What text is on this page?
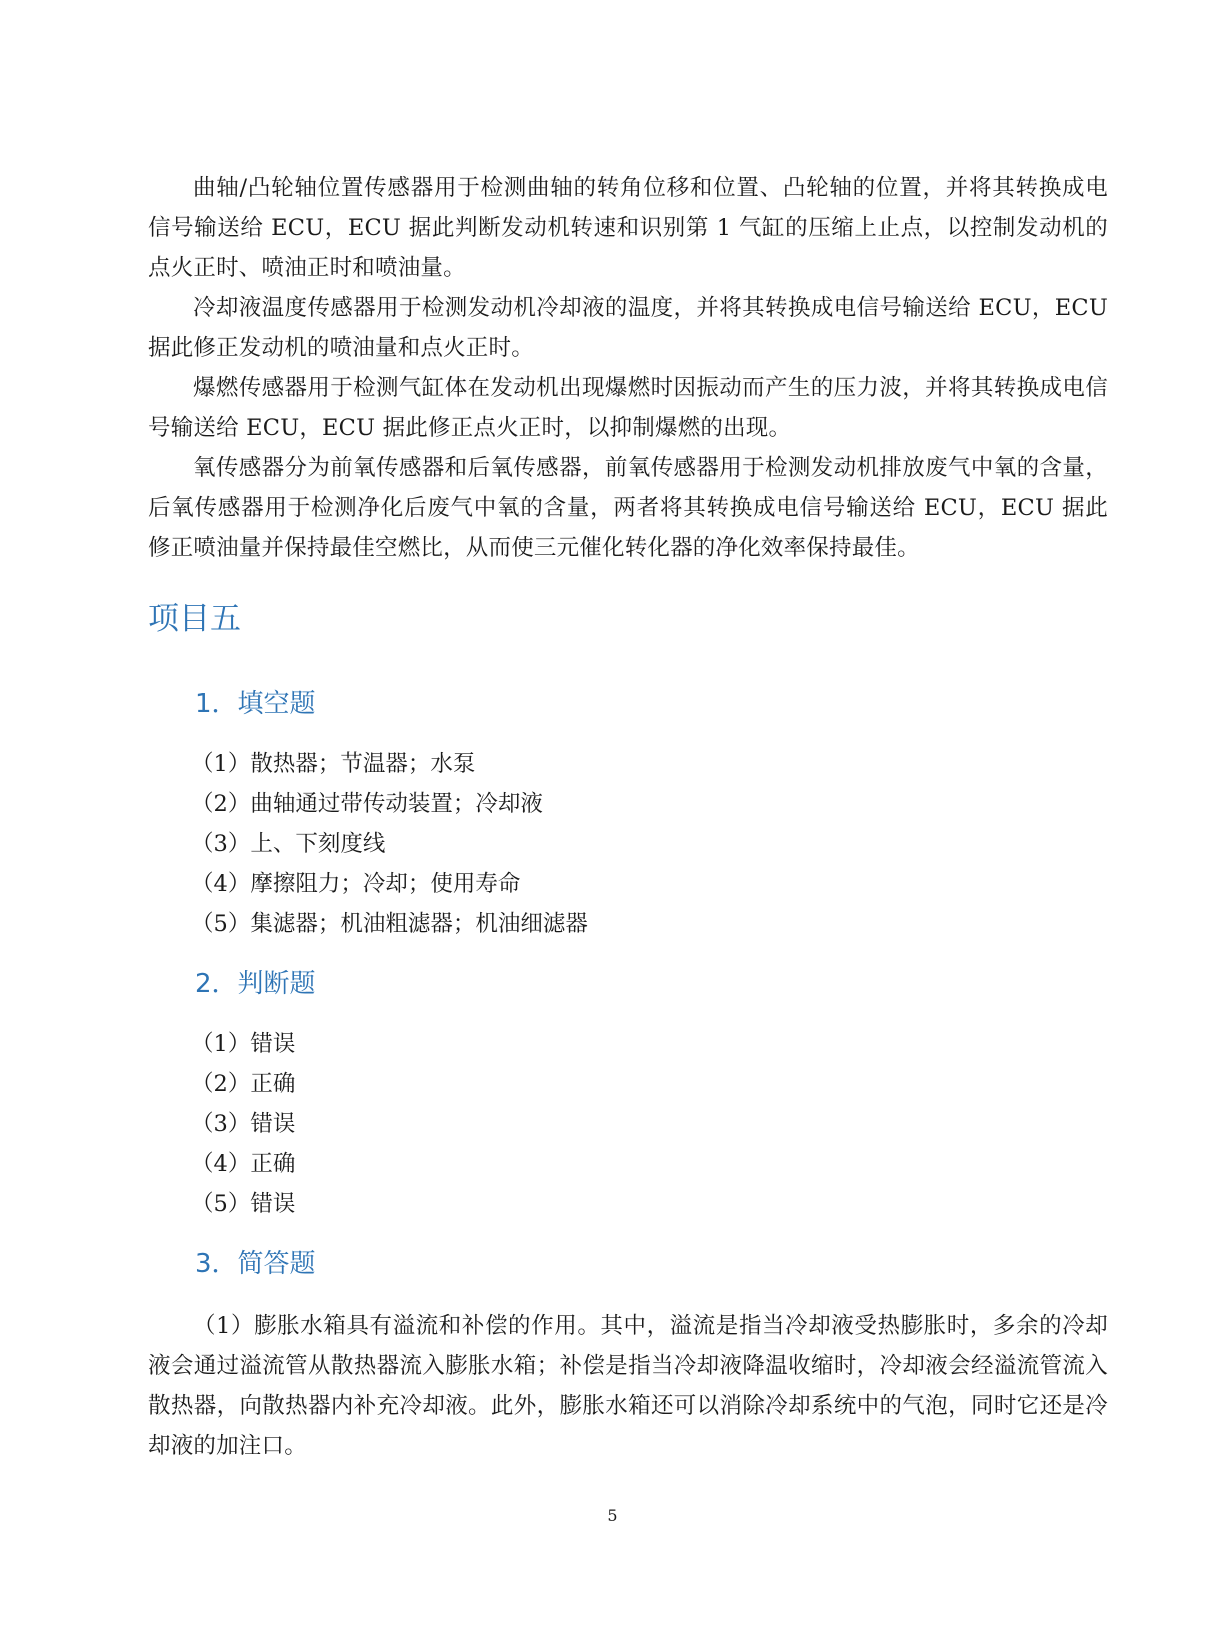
曲轴/凸轮轴位置传感器用于检测曲轴的转角位移和位置、凸轮轴的位置，并将其转换成电信号输送给 ECU，ECU 据此判断发动机转速和识别第 1 气缸的压缩上止点，以控制发动机的点火正时、喷油正时和喷油量。

冷却液温度传感器用于检测发动机冷却液的温度，并将其转换成电信号输送给 ECU，ECU 据此修正发动机的喷油量和点火正时。

爆燃传感器用于检测气缸体在发动机出现爆燃时因振动而产生的压力波，并将其转换成电信号输送给 ECU，ECU 据此修正点火正时，以抑制爆燃的出现。

氧传感器分为前氧传感器和后氧传感器，前氧传感器用于检测发动机排放废气中氧的含量，后氧传感器用于检测净化后废气中氧的含量，两者将其转换成电信号输送给 ECU，ECU 据此修正喷油量并保持最佳空燃比，从而使三元催化转化器的净化效率保持最佳。

项目五
1．填空题
（1）散热器；节温器；水泵
（2）曲轴通过带传动装置；冷却液
（3）上、下刻度线
（4）摩擦阻力；冷却；使用寿命
（5）集滤器；机油粗滤器；机油细滤器
2．判断题
（1）错误
（2）正确
（3）错误
（4）正确
（5）错误
3．简答题

（1）膨胀水箱具有溢流和补偿的作用。其中，溢流是指当冷却液受热膨胀时，多余的冷却液会通过溢流管从散热器流入膨胀水箱；补偿是指当冷却液降温收缩时，冷却液会经溢流管流入散热器，向散热器内补充冷却液。此外，膨胀水箱还可以消除冷却系统中的气泡，同时它还是冷却液的加注口。

5
